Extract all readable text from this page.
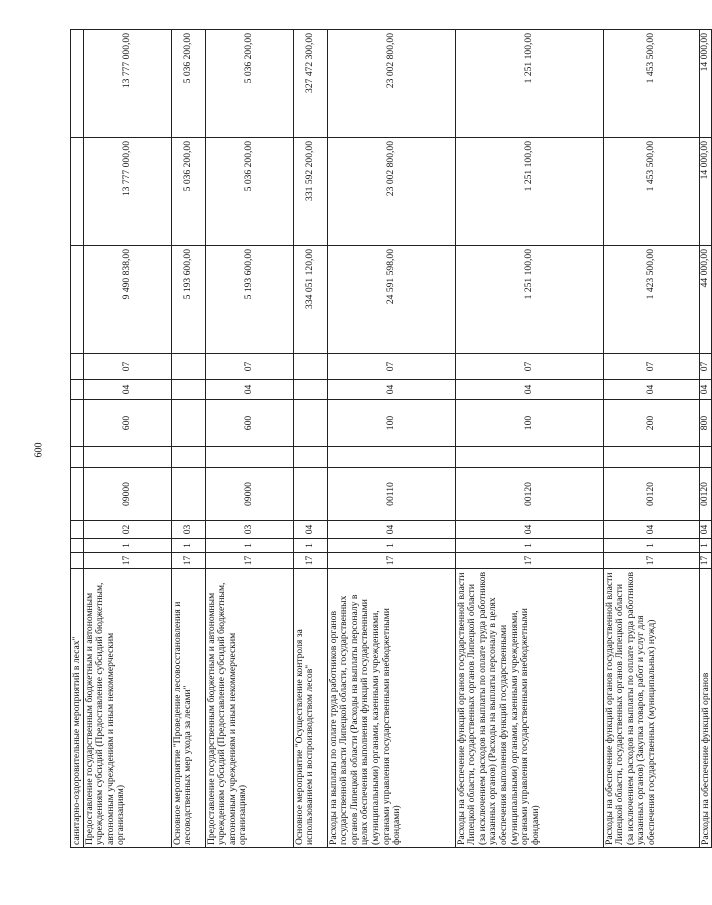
600
санитарно-оздоровительные мероприятий в лесах"											
Предоставление государственным бюджетным и автономным учреждениям субсидий (Предоставление субсидий бюджетным, автономным учреждениям и иным некоммерческим организациям)	17	1	02	09000		600	04	07	9 490 838,00	13 777 000,00	13 777 000,00
Основное мероприятие "Проведение лесовосстановления и лесоводственных мер ухода за лесами"	17	1	03						5 193 600,00	5 036 200,00	5 036 200,00
Предоставление государственным бюджетным и автономным учреждениям субсидий (Предоставление субсидий бюджетным, автономным учреждениям и иным некоммерческим организациям)	17	1	03	09000		600	04	07	5 193 600,00	5 036 200,00	5 036 200,00
Основное мероприятие "Осуществление контроля за использованием и воспроизводством лесов"	17	1	04						334 051 120,00	331 592 200,00	327 472 300,00
Расходы на выплаты по оплате труда работников органов государственной власти Липецкой области, государственных органов Липецкой области (Расходы на выплаты персоналу в целях обеспечения выполнения функций государственными (муниципальными) органами, казенными учреждениями, органами управления государственными внебюджетными фондами)	17	1	04	00110		100	04	07	24 591 598,00	23 002 800,00	23 002 800,00
Расходы на обеспечение функций органов государственной власти Липецкой области, государственных органов Липецкой области (за исключением расходов на выплаты по оплате труда работников указанных органов) (Расходы на выплаты персоналу в целях обеспечения выполнения функций государственными (муниципальными) органами, казенными учреждениями, органами управления государственными внебюджетными фондами)	17	1	04	00120		100	04	07	1 251 100,00	1 251 100,00	1 251 100,00
Расходы на обеспечение функций органов государственной власти Липецкой области, государственных органов Липецкой области (за исключением расходов на выплаты по оплате труда работников указанных органов) (Закупка товаров, работ и услуг для обеспечения государственных (муниципальных) нужд)	17	1	04	00120		200	04	07	1 423 500,00	1 453 500,00	1 453 500,00
Расходы на обеспечение функций органов	17	1	04	00120		800	04	07	44 000,00	14 000,00	14 000,00
